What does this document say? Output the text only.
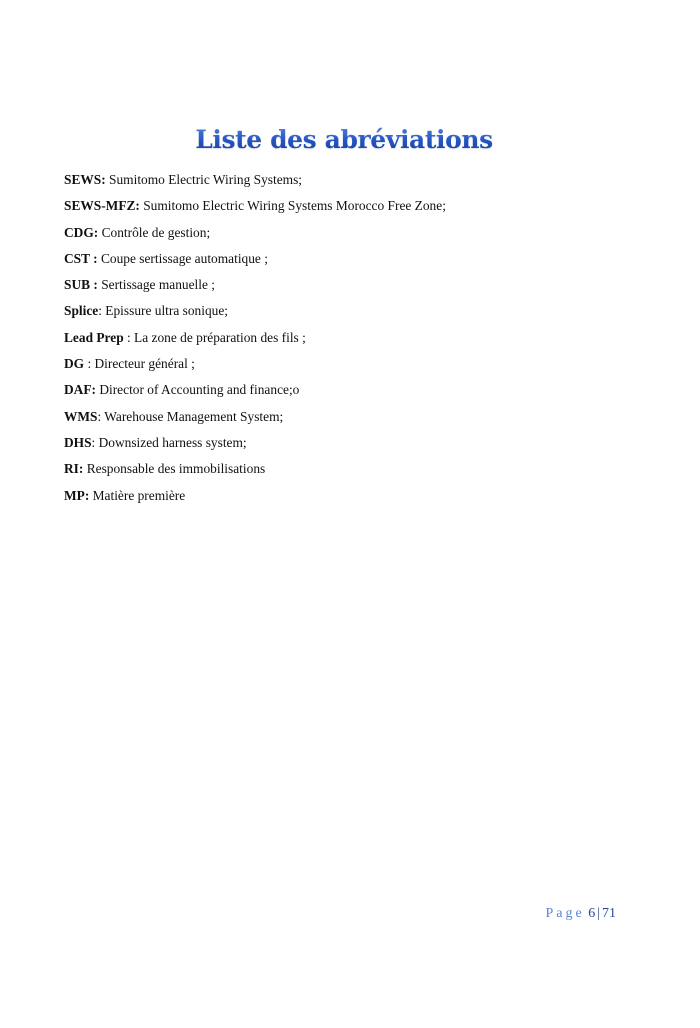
Liste des abréviations
SEWS: Sumitomo Electric Wiring Systems;
SEWS-MFZ: Sumitomo Electric Wiring Systems Morocco Free Zone;
CDG: Contrôle de gestion;
CST : Coupe sertissage automatique ;
SUB : Sertissage manuelle ;
Splice: Epissure ultra sonique;
Lead Prep : La zone de préparation des fils ;
DG : Directeur général ;
DAF: Director of Accounting and finance;o
WMS: Warehouse Management System;
DHS: Downsized harness system;
RI: Responsable des immobilisations
MP: Matière première
Page 6 | 71
